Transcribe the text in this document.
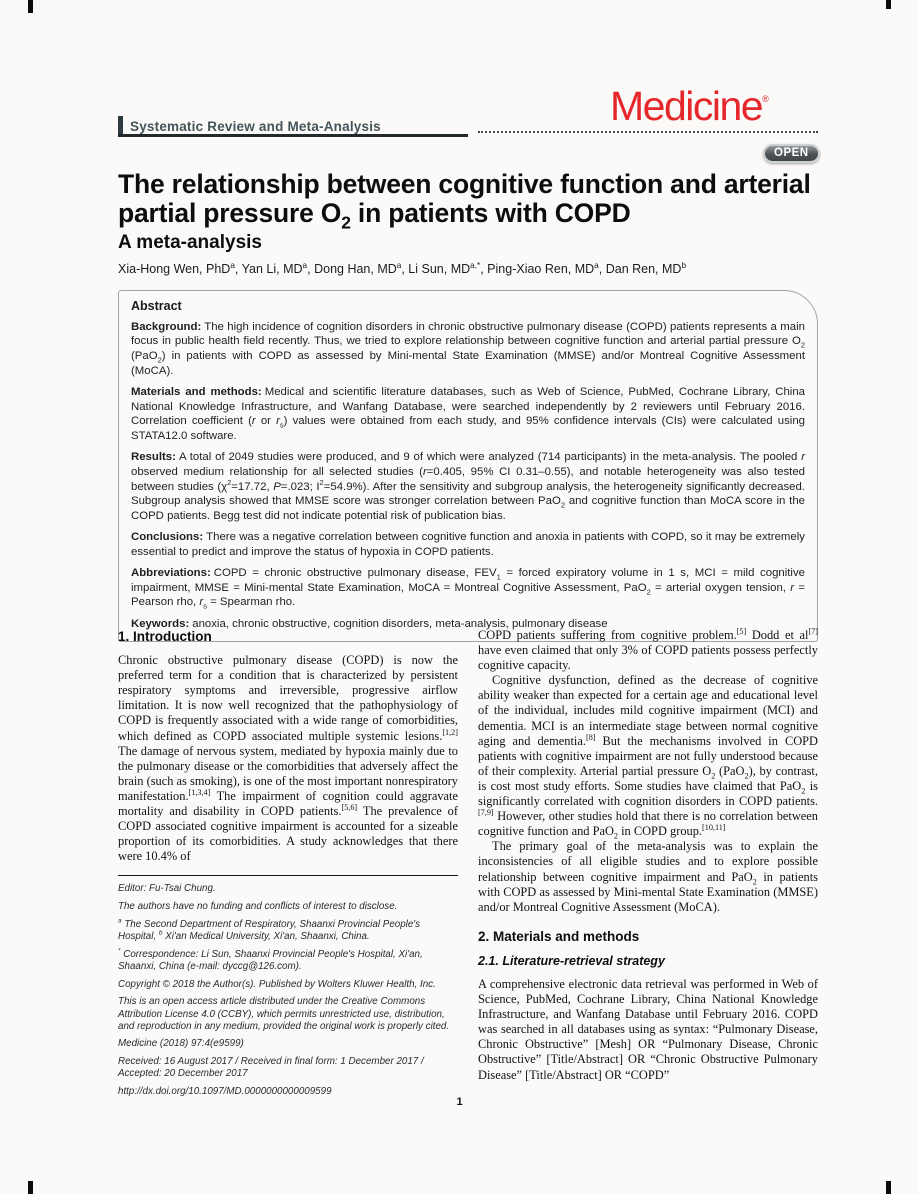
Systematic Review and Meta-Analysis	Medicine®
OPEN
The relationship between cognitive function and arterial partial pressure $O_2$ in patients with COPD
A meta-analysis
Xia-Hong Wen, PhD$^a$, Yan Li, $MD^a$, Dong Han, $MD^a$, Li Sun, $MD^{a,*}$, Ping-Xiao Ren, $MD^a$, Dan Ren, $MD^b$
Abstract

Background: The high incidence of cognition disorders in chronic obstructive pulmonary disease (COPD) patients represents a main focus in public health field recently. Thus, we tried to explore relationship between cognitive function and arterial partial pressure $O_2$ (PaO$_2$) in patients with COPD as assessed by Mini-mental State Examination (MMSE) and/or Montreal Cognitive Assessment (MoCA).

Materials and methods: Medical and scientific literature databases, such as Web of Science, PubMed, Cochrane Library, China National Knowledge Infrastructure, and Wanfang Database, were searched independently by 2 reviewers until February 2016. Correlation coefficient (r or $r_s$) values were obtained from each study, and 95% confidence intervals (CIs) were calculated using STATA12.0 software.

Results: A total of 2049 studies were produced, and 9 of which were analyzed (714 participants) in the meta-analysis. The pooled r observed medium relationship for all selected studies (r=0.405, 95% CI 0.31–0.55), and notable heterogeneity was also tested between studies ($\chi^2=17.72$, P=.023; $I^2=54.9\%$). After the sensitivity and subgroup analysis, the heterogeneity significantly decreased. Subgroup analysis showed that MMSE score was stronger correlation between PaO$_2$ and cognitive function than MoCA score in the COPD patients. Begg test did not indicate potential risk of publication bias.

Conclusions: There was a negative correlation between cognitive function and anoxia in patients with COPD, so it may be extremely essential to predict and improve the status of hypoxia in COPD patients.

Abbreviations: COPD = chronic obstructive pulmonary disease, $FEV_1$ = forced expiratory volume in 1 s, MCI = mild cognitive impairment, MMSE = Mini-mental State Examination, MoCA = Montreal Cognitive Assessment, PaO$_2$ = arterial oxygen tension, r = Pearson rho, $r_s$ = Spearman rho.

Keywords: anoxia, chronic obstructive, cognition disorders, meta-analysis, pulmonary disease

1. Introduction

Chronic obstructive pulmonary disease (COPD) is now the preferred term for a condition that is characterized by persistent respiratory symptoms and irreversible, progressive airflow limitation. It is now well recognized that the pathophysiology of COPD is frequently associated with a wide range of comorbidities, which defined as COPD associated multiple systemic lesions.[1,2] The damage of nervous system, mediated by hypoxia mainly due to the pulmonary disease or the comorbidities that adversely affect the brain (such as smoking), is one of the most important nonrespiratory manifestation.[1,3,4] The impairment of cognition could aggravate mortality and disability in COPD patients.[5,6] The prevalence of COPD associated cognitive impairment is accounted for a sizeable proportion of its comorbidities. A study acknowledges that there were 10.4% of

Editor: Fu-Tsai Chung.
The authors have no funding and conflicts of interest to disclose.
$^a$ The Second Department of Respiratory, Shaanxi Provincial People's Hospital, $^b$ Xi'an Medical University, Xi'an, Shaanxi, China.
* Correspondence: Li Sun, Shaanxi Provincial People's Hospital, Xi'an, Shaanxi, China (e-mail: dyccg@126.com).
Copyright © 2018 the Author(s). Published by Wolters Kluwer Health, Inc.
This is an open access article distributed under the Creative Commons Attribution License 4.0 (CCBY), which permits unrestricted use, distribution, and reproduction in any medium, provided the original work is properly cited.
Medicine (2018) 97:4(e9599)
Received: 16 August 2017 / Received in final form: 1 December 2017 / Accepted: 20 December 2017
http://dx.doi.org/10.1097/MD.0000000000009599

COPD patients suffering from cognitive problem.[5] Dodd et al[7] have even claimed that only 3% of COPD patients possess perfectly cognitive capacity.

Cognitive dysfunction, defined as the decrease of cognitive ability weaker than expected for a certain age and educational level of the individual, includes mild cognitive impairment (MCI) and dementia. MCI is an intermediate stage between normal cognitive aging and dementia.[8] But the mechanisms involved in COPD patients with cognitive impairment are not fully understood because of their complexity. Arterial partial pressure $O_2$ (PaO$_2$), by contrast, is cost most study efforts. Some studies have claimed that PaO$_2$ is significantly correlated with cognition disorders in COPD patients.[7,9] However, other studies hold that there is no correlation between cognitive function and PaO$_2$ in COPD group.[10,11]

The primary goal of the meta-analysis was to explain the inconsistencies of all eligible studies and to explore possible relationship between cognitive impairment and PaO$_2$ in patients with COPD as assessed by Mini-mental State Examination (MMSE) and/or Montreal Cognitive Assessment (MoCA).

2. Materials and methods
2.1. Literature-retrieval strategy

A comprehensive electronic data retrieval was performed in Web of Science, PubMed, Cochrane Library, China National Knowledge Infrastructure, and Wanfang Database until February 2016. COPD was searched in all databases using as syntax: “Pulmonary Disease, Chronic Obstructive” [Mesh] OR “Pulmonary Disease, Chronic Obstructive” [Title/Abstract] OR “Chronic Obstructive Pulmonary Disease” [Title/Abstract] OR “COPD”

1
